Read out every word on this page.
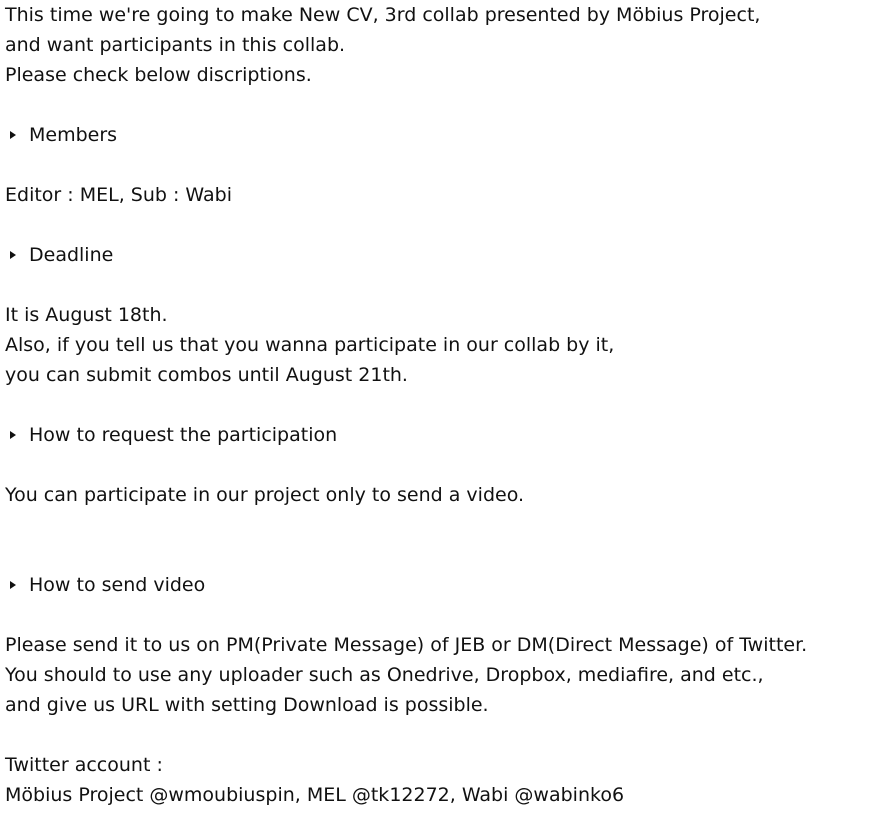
This time we're going to make New CV, 3rd collab presented by Möbius Project,
and want participants in this collab.
Please check below discriptions.
Members
Editor : MEL, Sub : Wabi
Deadline
It is August 18th.
Also, if you tell us that you wanna participate in our collab by it,
you can submit combos until August 21th.
How to request the participation
You can participate in our project only to send a video.
How to send video
Please send it to us on PM(Private Message) of JEB or DM(Direct Message) of Twitter.
You should to use any uploader such as Onedrive, Dropbox, mediafire, and etc.,
and give us URL with setting Download is possible.
Twitter account :
Möbius Project @wmoubiuspin, MEL @tk12272, Wabi @wabinko6
